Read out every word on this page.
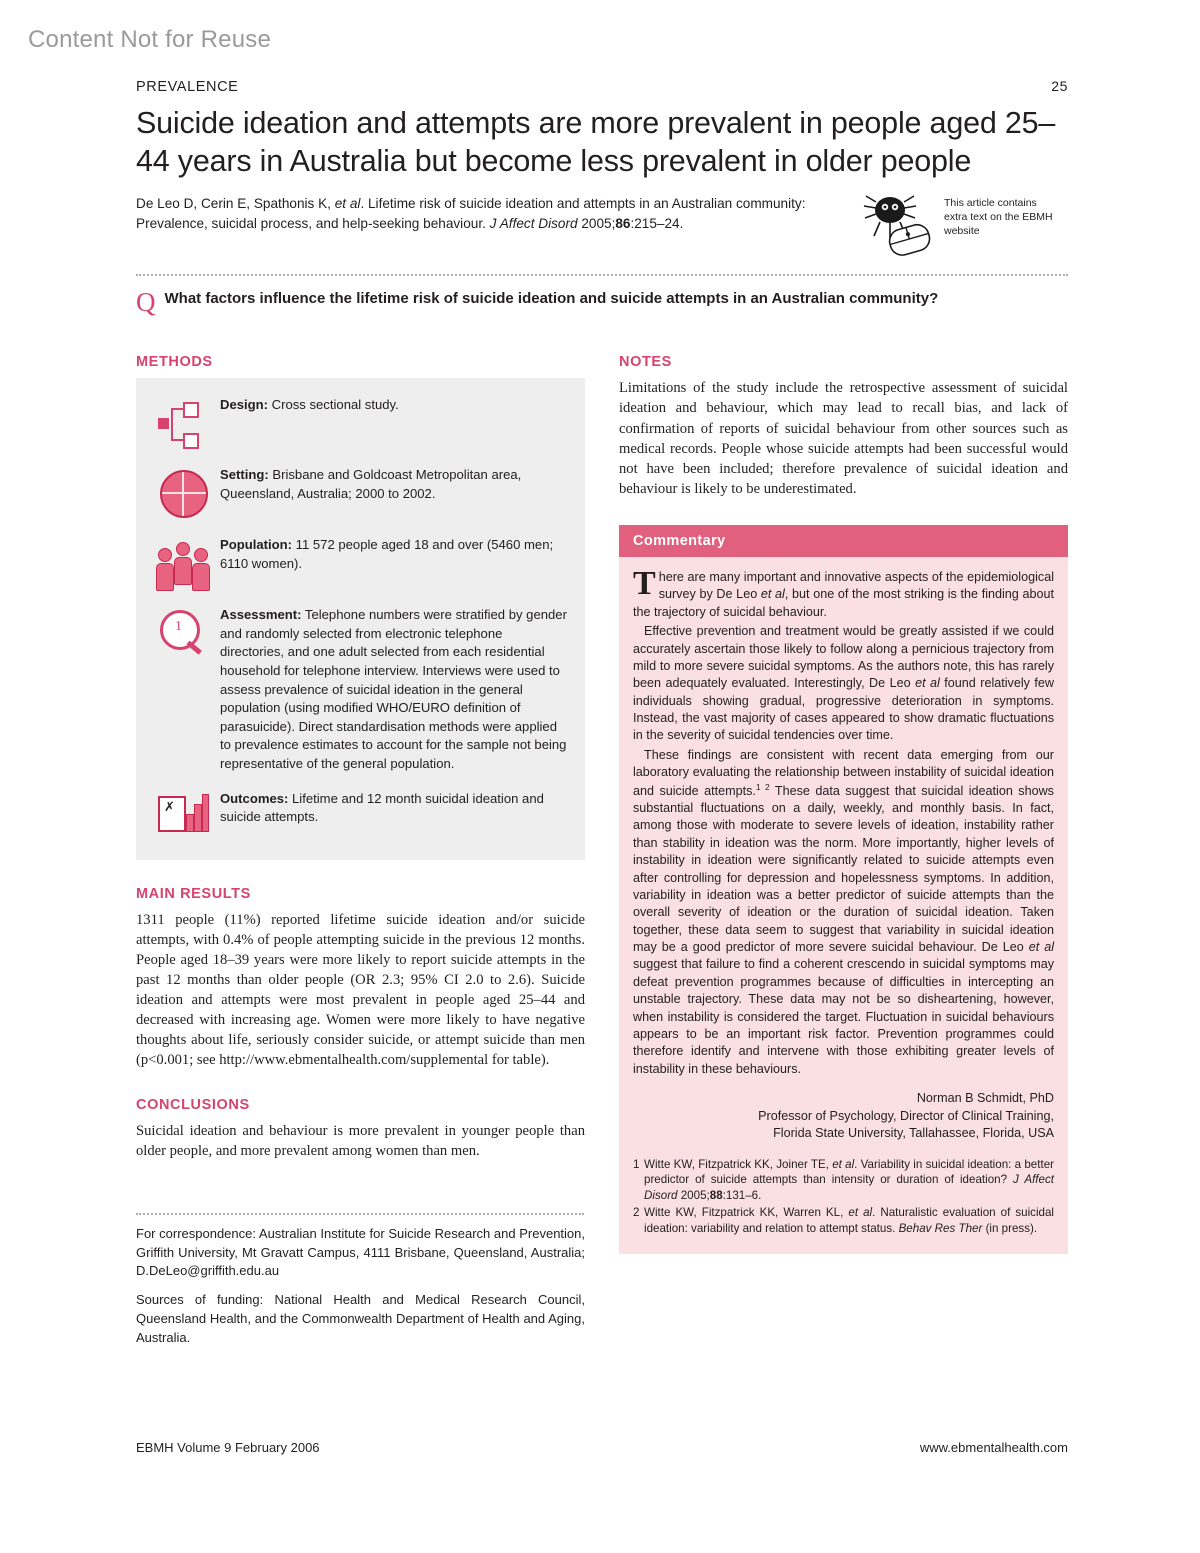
Content Not for Reuse
PREVALENCE	25
Suicide ideation and attempts are more prevalent in people aged 25–44 years in Australia but become less prevalent in older people
De Leo D, Cerin E, Spathonis K, et al. Lifetime risk of suicide ideation and attempts in an Australian community: Prevalence, suicidal process, and help-seeking behaviour. J Affect Disord 2005;86:215–24.
This article contains extra text on the EBMH website
Q What factors influence the lifetime risk of suicide ideation and suicide attempts in an Australian community?
METHODS
Design: Cross sectional study.
Setting: Brisbane and Goldcoast Metropolitan area, Queensland, Australia; 2000 to 2002.
Population: 11 572 people aged 18 and over (5460 men; 6110 women).
1
Assessment: Telephone numbers were stratified by gender and randomly selected from electronic telephone directories, and one adult selected from each residential household for telephone interview. Interviews were used to assess prevalence of suicidal ideation in the general population (using modified WHO/EURO definition of parasuicide). Direct standardisation methods were applied to prevalence estimates to account for the sample not being representative of the general population.
✗
Outcomes: Lifetime and 12 month suicidal ideation and suicide attempts.
MAIN RESULTS
1311 people (11%) reported lifetime suicide ideation and/or suicide attempts, with 0.4% of people attempting suicide in the previous 12 months. People aged 18–39 years were more likely to report suicide attempts in the past 12 months than older people (OR 2.3; 95% CI 2.0 to 2.6). Suicide ideation and attempts were most prevalent in people aged 25–44 and decreased with increasing age. Women were more likely to have negative thoughts about life, seriously consider suicide, or attempt suicide than men (p<0.001; see http://www.ebmentalhealth.com/supplemental for table).
CONCLUSIONS
Suicidal ideation and behaviour is more prevalent in younger people than older people, and more prevalent among women than men.

For correspondence: Australian Institute for Suicide Research and Prevention, Griffith University, Mt Gravatt Campus, 4111 Brisbane, Queensland, Australia; D.DeLeo@griffith.edu.au

Sources of funding: National Health and Medical Research Council, Queensland Health, and the Commonwealth Department of Health and Aging, Australia.

NOTES
Limitations of the study include the retrospective assessment of suicidal ideation and behaviour, which may lead to recall bias, and lack of confirmation of reports of suicidal behaviour from other sources such as medical records. People whose suicide attempts had been successful would not have been included; therefore prevalence of suicidal ideation and behaviour is likely to be underestimated.
Commentary

There are many important and innovative aspects of the epidemiological survey by De Leo et al, but one of the most striking is the finding about the trajectory of suicidal behaviour.

Effective prevention and treatment would be greatly assisted if we could accurately ascertain those likely to follow along a pernicious trajectory from mild to more severe suicidal symptoms. As the authors note, this has rarely been adequately evaluated. Interestingly, De Leo et al found relatively few individuals showing gradual, progressive deterioration in symptoms. Instead, the vast majority of cases appeared to show dramatic fluctuations in the severity of suicidal tendencies over time.

These findings are consistent with recent data emerging from our laboratory evaluating the relationship between instability of suicidal ideation and suicide attempts.$^{1 2}$ These data suggest that suicidal ideation shows substantial fluctuations on a daily, weekly, and monthly basis. In fact, among those with moderate to severe levels of ideation, instability rather than stability in ideation was the norm. More importantly, higher levels of instability in ideation were significantly related to suicide attempts even after controlling for depression and hopelessness symptoms. In addition, variability in ideation was a better predictor of suicide attempts than the overall severity of ideation or the duration of suicidal ideation. Taken together, these data seem to suggest that variability in suicidal ideation may be a good predictor of more severe suicidal behaviour. De Leo et al suggest that failure to find a coherent crescendo in suicidal symptoms may defeat prevention programmes because of difficulties in intercepting an unstable trajectory. These data may not be so disheartening, however, when instability is considered the target. Fluctuation in suicidal behaviours appears to be an important risk factor. Prevention programmes could therefore identify and intervene with those exhibiting greater levels of instability in these behaviours.

Norman B Schmidt, PhD
Professor of Psychology, Director of Clinical Training,
Florida State University, Tallahassee, Florida, USA
1 Witte KW, Fitzpatrick KK, Joiner TE, et al. Variability in suicidal ideation: a better predictor of suicide attempts than intensity or duration of ideation? J Affect Disord 2005;88:131–6.
2 Witte KW, Fitzpatrick KK, Warren KL, et al. Naturalistic evaluation of suicidal ideation: variability and relation to attempt status. Behav Res Ther (in press).
EBMH Volume 9 February 2006	www.ebmentalhealth.com
